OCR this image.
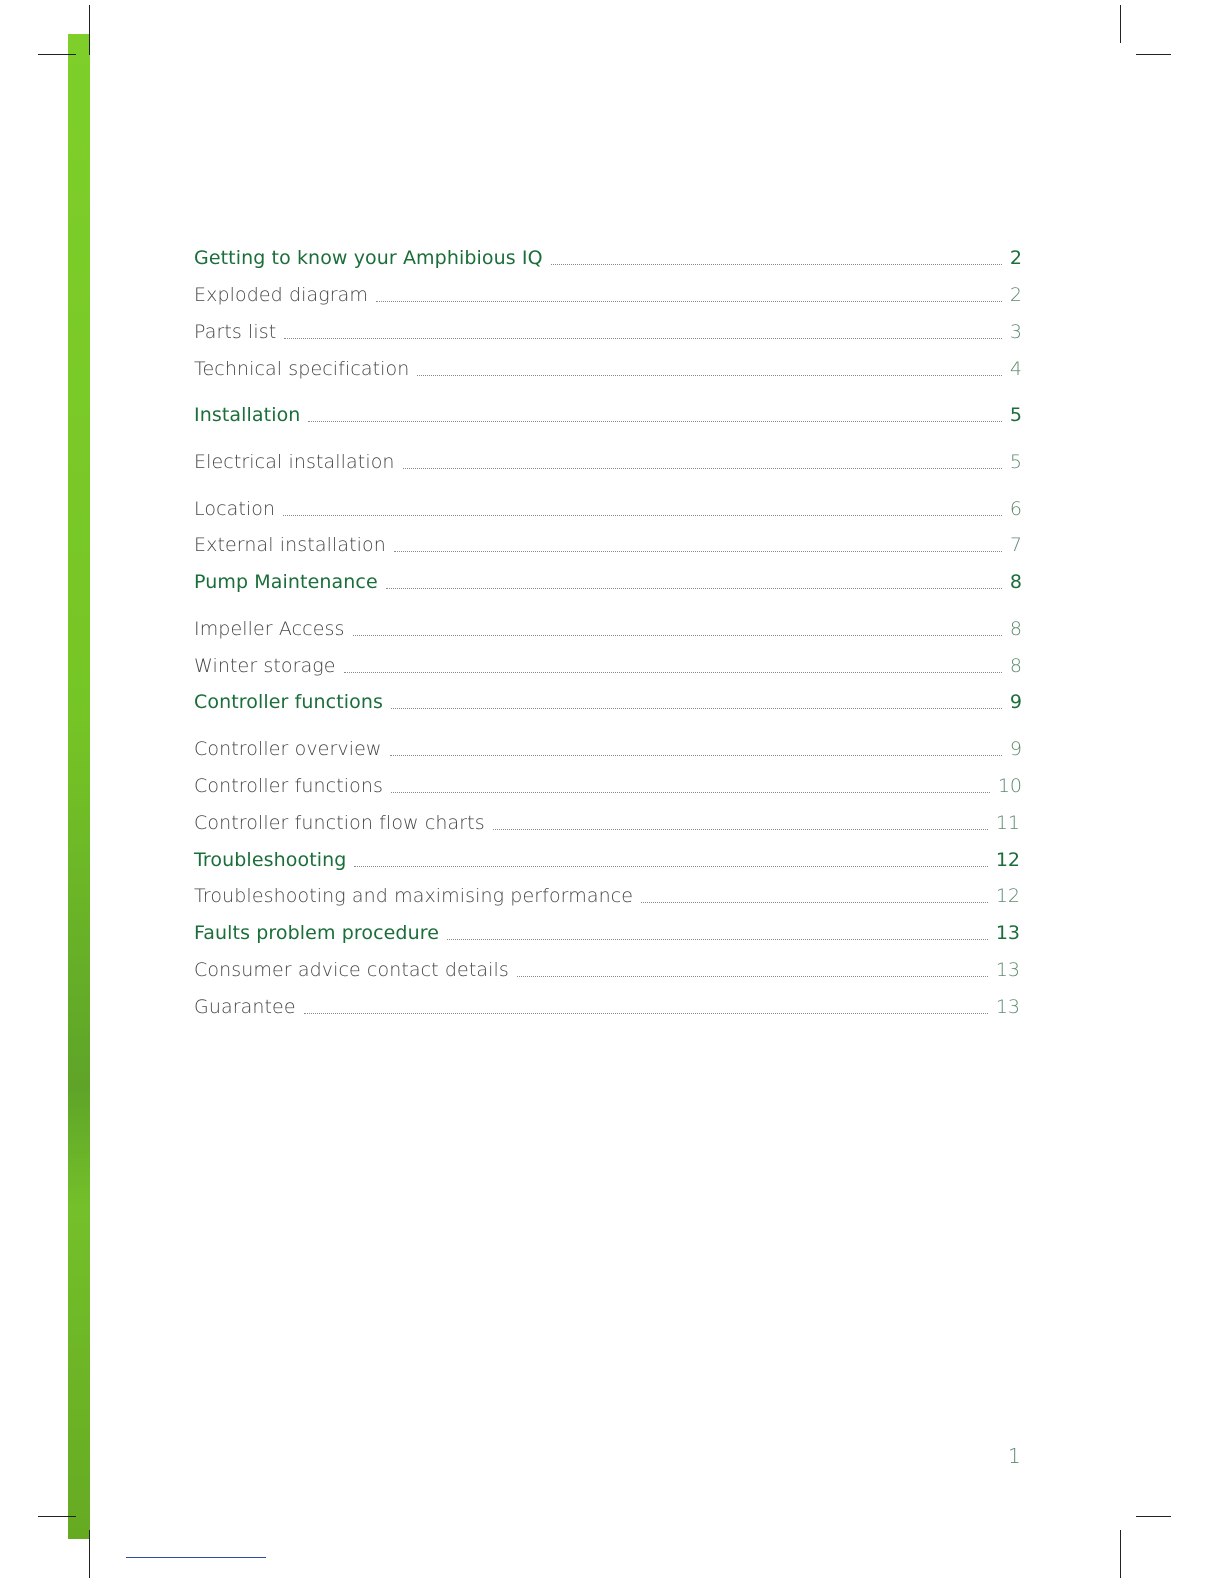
Getting to know your Amphibious IQ	2
Exploded diagram	2
Parts list	3
Technical specification	4
Installation	5
Electrical installation	5
Location	6
External installation	7
Pump Maintenance	8
Impeller Access	8
Winter storage	8
Controller functions	9
Controller overview	9
Controller functions	10
Controller function flow charts	11
Troubleshooting	12
Troubleshooting and maximising performance	12
Faults problem procedure	13
Consumer advice contact details	13
Guarantee	13
1
